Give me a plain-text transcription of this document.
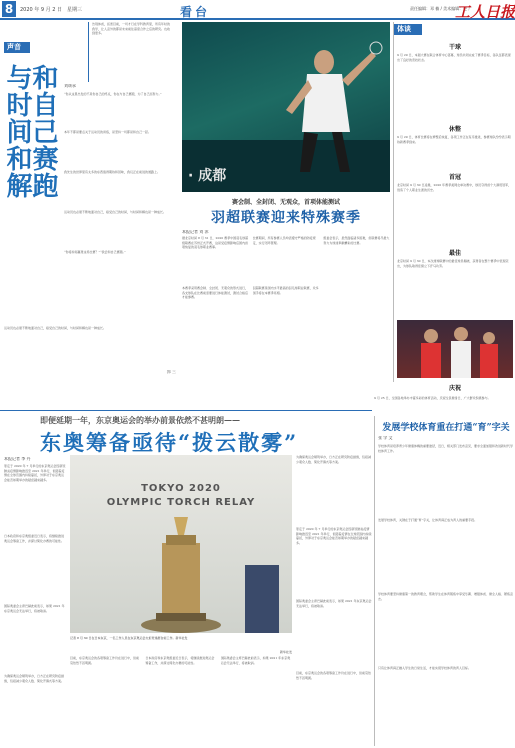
8	2020 年 9 月 2 日　星期三	看台	责任编辑：邓 楠 / 美术编辑：史 广
工人日报
声音
告别体质，拓宽目前，一切才行在学科教育里，所有年时的我学，让人意外的都是未来前往高度合作之后的研究。也收到更多。
和自己赛跑
与时间和解	刘颂承
“你从这里出发的不是你自己的终点，你在与自己赛跑，为了自己而努力。”
本年不都是要点关于运动员的训练，是坚持一切都是和自己一起。
我先生的世界里有太多的东西值得期待和回味，我们正在前进的道路上。
运动员也必须不断地面对自己，接受自己的时间，与时间和解也是一种成长。
“你将如何赢得这场比赛？”“我会和自己赛跑。”
运动员也必须不断地面对自己，接受自己的时间，与时间和解也是一种成长。
郭 三
· 成都
赛会制、全封闭、无观众，首项体能测试
羽超联赛迎来特殊赛季
本报记者 刘 沐
据北京时间 8 月 31 日，2020 赛季中国羽毛球超级联赛在苏州正式开赛，这是受疫情影响后国内首项恢复的羽毛球职业赛事。
本赛季采用赛会制、全封闭、无观众的形式进行，各支球队在比赛前需要进行体能测试，测试合格后才能参赛。
比赛期间，所有参赛人员均需遵守严格的防疫规定，实行闭环管理。
羽超联赛是国内水平最高的羽毛球职业联赛，众多国手将在本赛季亮相。
组委会表示，虽然面临诸多困难，但联赛将尽最大努力为球迷奉献精彩的比赛。
体谈
干球
9 月 29 日，本届大赛在联合体育中心落幕，球员共同完成了赛季目标，各队伍都表现出了良好的竞技状态。
休整
9 月 29 日，体育比赛将在修整后恢复，各项工作正在有序推进，参赛球队纷纷表示期待新赛季到来。
首冠
北京时间 9 月 30 日凌晨，2020 年赛季美网女单决赛中，球员夺得首个大满贯冠军，创造了个人职业生涯的历史。
最佳
北京时间 9 月 30 日，本次排球联赛中的最佳球员揭晓，获得者在整个赛季中表现突出，为球队取得佳绩立下汗马功劳。
庆祝
9 月 25 日，全国各地举办丰富多彩的体育活动，庆祝全民健身日，广大群众积极参与。
即便延期一年，东京奥运会的举办前景依然不甚明朗——
东奥筹备亟待“拨云散雾”
本报记者 李 丹
原定于 2020 年 7 月举行的东京奥运会因新冠肺炎疫情影响推迟至 2021 年举行，但随着疫情在全球范围内持续蔓延，外界对于东京奥运会能否如期举办的疑虑越来越多。
日本政府和东京奥组委近日表示，将继续推进奥运会筹备工作，并探讨简化办赛的可能性。
国际奥委会主席巴赫此前表示，如果 2021 年东京奥运会无法举行，将被取消。
为确保奥运会顺利举办，日方正在研究防疫措施，包括减少观众人数、简化开幕式等方案。
TOKYO 2020
OLYMPIC TORCH RELAY
记者 8 月 30 日在日本东京，一名工作人员在东京奥运会火炬传递展台前工作。新华社发
新华社发
目前，东京奥运会的各项筹备工作仍在进行中，但前景依然不甚明朗。
日本政府和东京奥组委近日表示，将继续推进奥运会筹备工作，并探讨简化办赛的可能性。
国际奥委会主席巴赫此前表示，如果 2021 年东京奥运会无法举行，将被取消。
为确保奥运会顺利举办，日方正在研究防疫措施，包括减少观众人数、简化开幕式等方案。
原定于 2020 年 7 月举行的东京奥运会因新冠肺炎疫情影响推迟至 2021 年举行，但随着疫情在全球范围内持续蔓延，外界对于东京奥运会能否如期举办的疑虑越来越多。
国际奥委会主席巴赫此前表示，如果 2021 年东京奥运会无法举行，将被取消。
目前，东京奥运会的各项筹备工作仍在进行中，但前景依然不甚明朗。
发展学校体育重在打通“育”字关
张 学 文
学校体育是培养青少年健康体魄的重要途径，近日，相关部门发布意见，要求全面加强和改进新时代学校体育工作。
发展学校体育，关键在于打通“育”字关，让体育真正成为育人的重要手段。
学校体育要坚持健康第一的教育理念，帮助学生在体育锻炼中享受乐趣、增强体质、健全人格、锤炼意志。
只有让体育真正融入学生的日常生活，才能实现学校体育的育人目标。
